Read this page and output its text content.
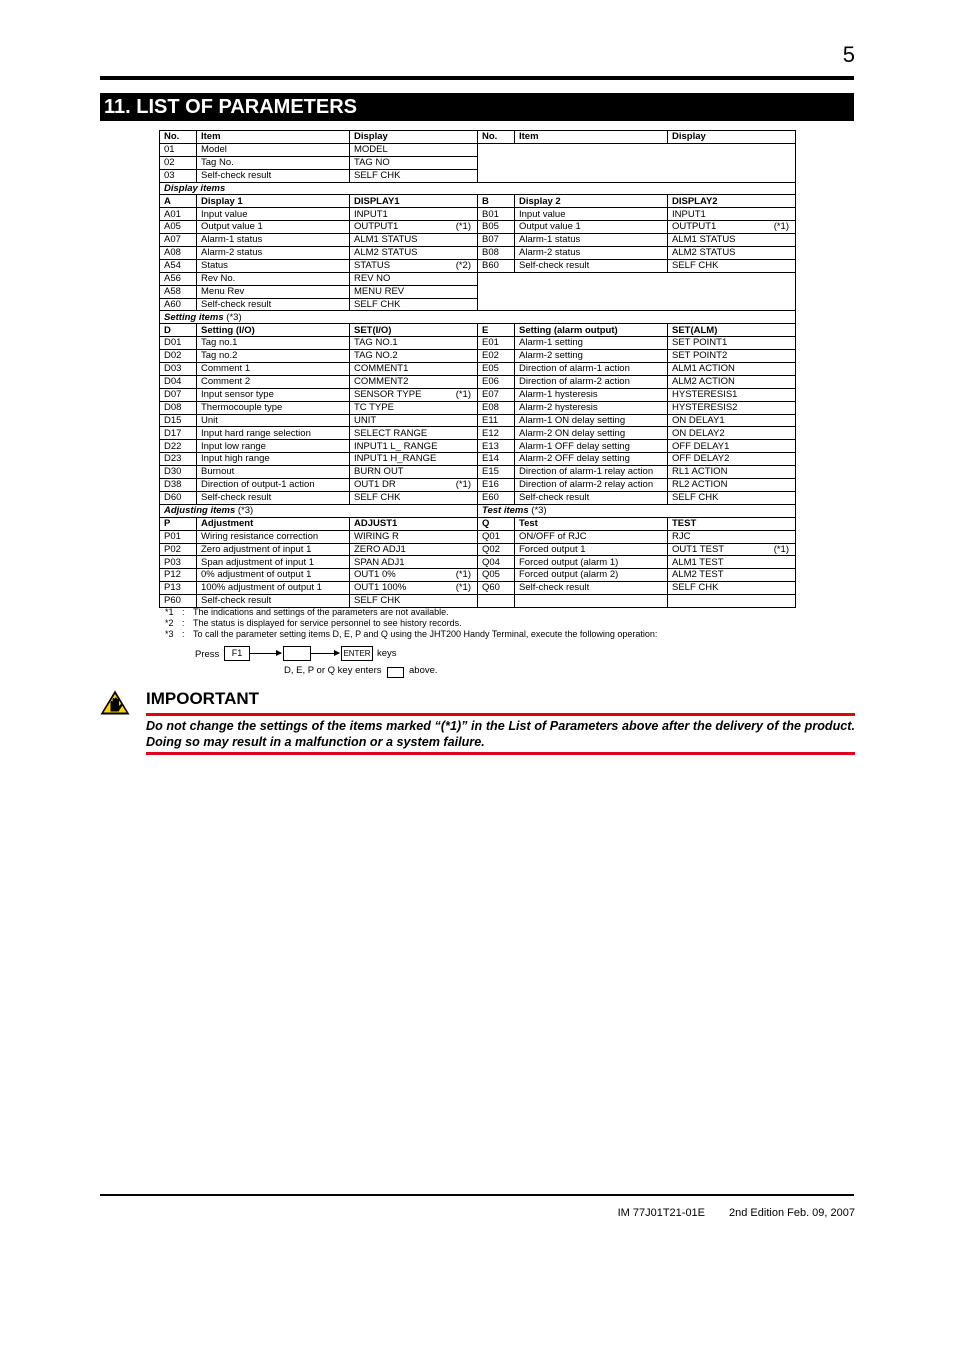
5
11. LIST OF PARAMETERS
No.	Item	Display	No.	Item	Display
01	Model	MODEL			
02	Tag No.	TAG NO			
03	Self-check result	SELF CHK			
Display items					
A	Display 1	DISPLAY1	B	Display 2	DISPLAY2
A01	Input value	INPUT1	B01	Input value	INPUT1
A05	Output value 1	OUTPUT1 (*1)	B05	Output value 1	OUTPUT1 (*1)

A07	Alarm-1 status	ALM1 STATUS	B07	Alarm-1 status	ALM1 STATUS
A08	Alarm-2 status	ALM2 STATUS	B08	Alarm-2 status	ALM2 STATUS
A54	Status	STATUS (*2)	B60	Self-check result	SELF CHK
A56	Rev No.	REV NO			
A58	Menu Rev	MENU REV			
A60	Self-check result	SELF CHK			
Setting items (*3)					
D	Setting (I/O)	SET(I/O)	E	Setting (alarm output)	SET(ALM)
D01	Tag no.1	TAG NO.1	E01	Alarm-1 setting	SET POINT1
D02	Tag no.2	TAG NO.2	E02	Alarm-2 setting	SET POINT2
D03	Comment 1	COMMENT1	E05	Direction of alarm-1 action	ALM1 ACTION
D04	Comment 2	COMMENT2	E06	Direction of alarm-2 action	ALM2 ACTION
D07	Input sensor type	SENSOR TYPE (*1)	E07	Alarm-1 hysteresis	HYSTERESIS1
D08	Thermocouple type	TC TYPE	E08	Alarm-2 hysteresis	HYSTERESIS2
D15	Unit	UNIT	E11	Alarm-1 ON delay setting	ON DELAY1
D17	Input hard range selection	SELECT RANGE	E12	Alarm-2 ON delay setting	ON DELAY2
D22	Input low range	INPUT1 L_ RANGE	E13	Alarm-1 OFF delay setting	OFF DELAY1
D23	Input high range	INPUT1 H_RANGE	E14	Alarm-2 OFF delay setting	OFF DELAY2
D30	Burnout	BURN OUT	E15	Direction of alarm-1 relay action	RL1 ACTION
D38	Direction of output-1 action	OUT1 DR (*1)	E16	Direction of alarm-2 relay action	RL2 ACTION
D60	Self-check result	SELF CHK	E60	Self-check result	SELF CHK
Adjusting items (*3)			Test items (*3)		
P	Adjustment	ADJUST1	Q	Test	TEST
P01	Wiring resistance correction	WIRING R	Q01	ON/OFF of RJC	RJC
P02	Zero adjustment of input 1	ZERO ADJ1	Q02	Forced output 1	OUT1 TEST (*1)

P03	Span adjustment of input 1	SPAN ADJ1	Q04	Forced output (alarm 1)	ALM1 TEST
P12	0% adjustment of output 1	OUT1 0% (*1)	Q05	Forced output (alarm 2)	ALM2 TEST
P13	100% adjustment of output 1	OUT1 100% (*1)	Q60	Self-check result	SELF CHK
P60	Self-check result	SELF CHK			
*1 : The indications and settings of the parameters are not available.
*2 : The status is displayed for service personnel to see history records.
*3 : To call the parameter setting items D, E, P and Q using the JHT200 Handy Terminal, execute the following operation:
Press	F1	ENTER keys
D, E, P or Q key enters	above.
IMPOORTANT
Do not change the settings of the items marked “(*1)” in the List of Parameters above after the delivery of the product. Doing so may result in a malfunction or a system failure.
IM 77J01T21-01E 2nd Edition Feb. 09, 2007
